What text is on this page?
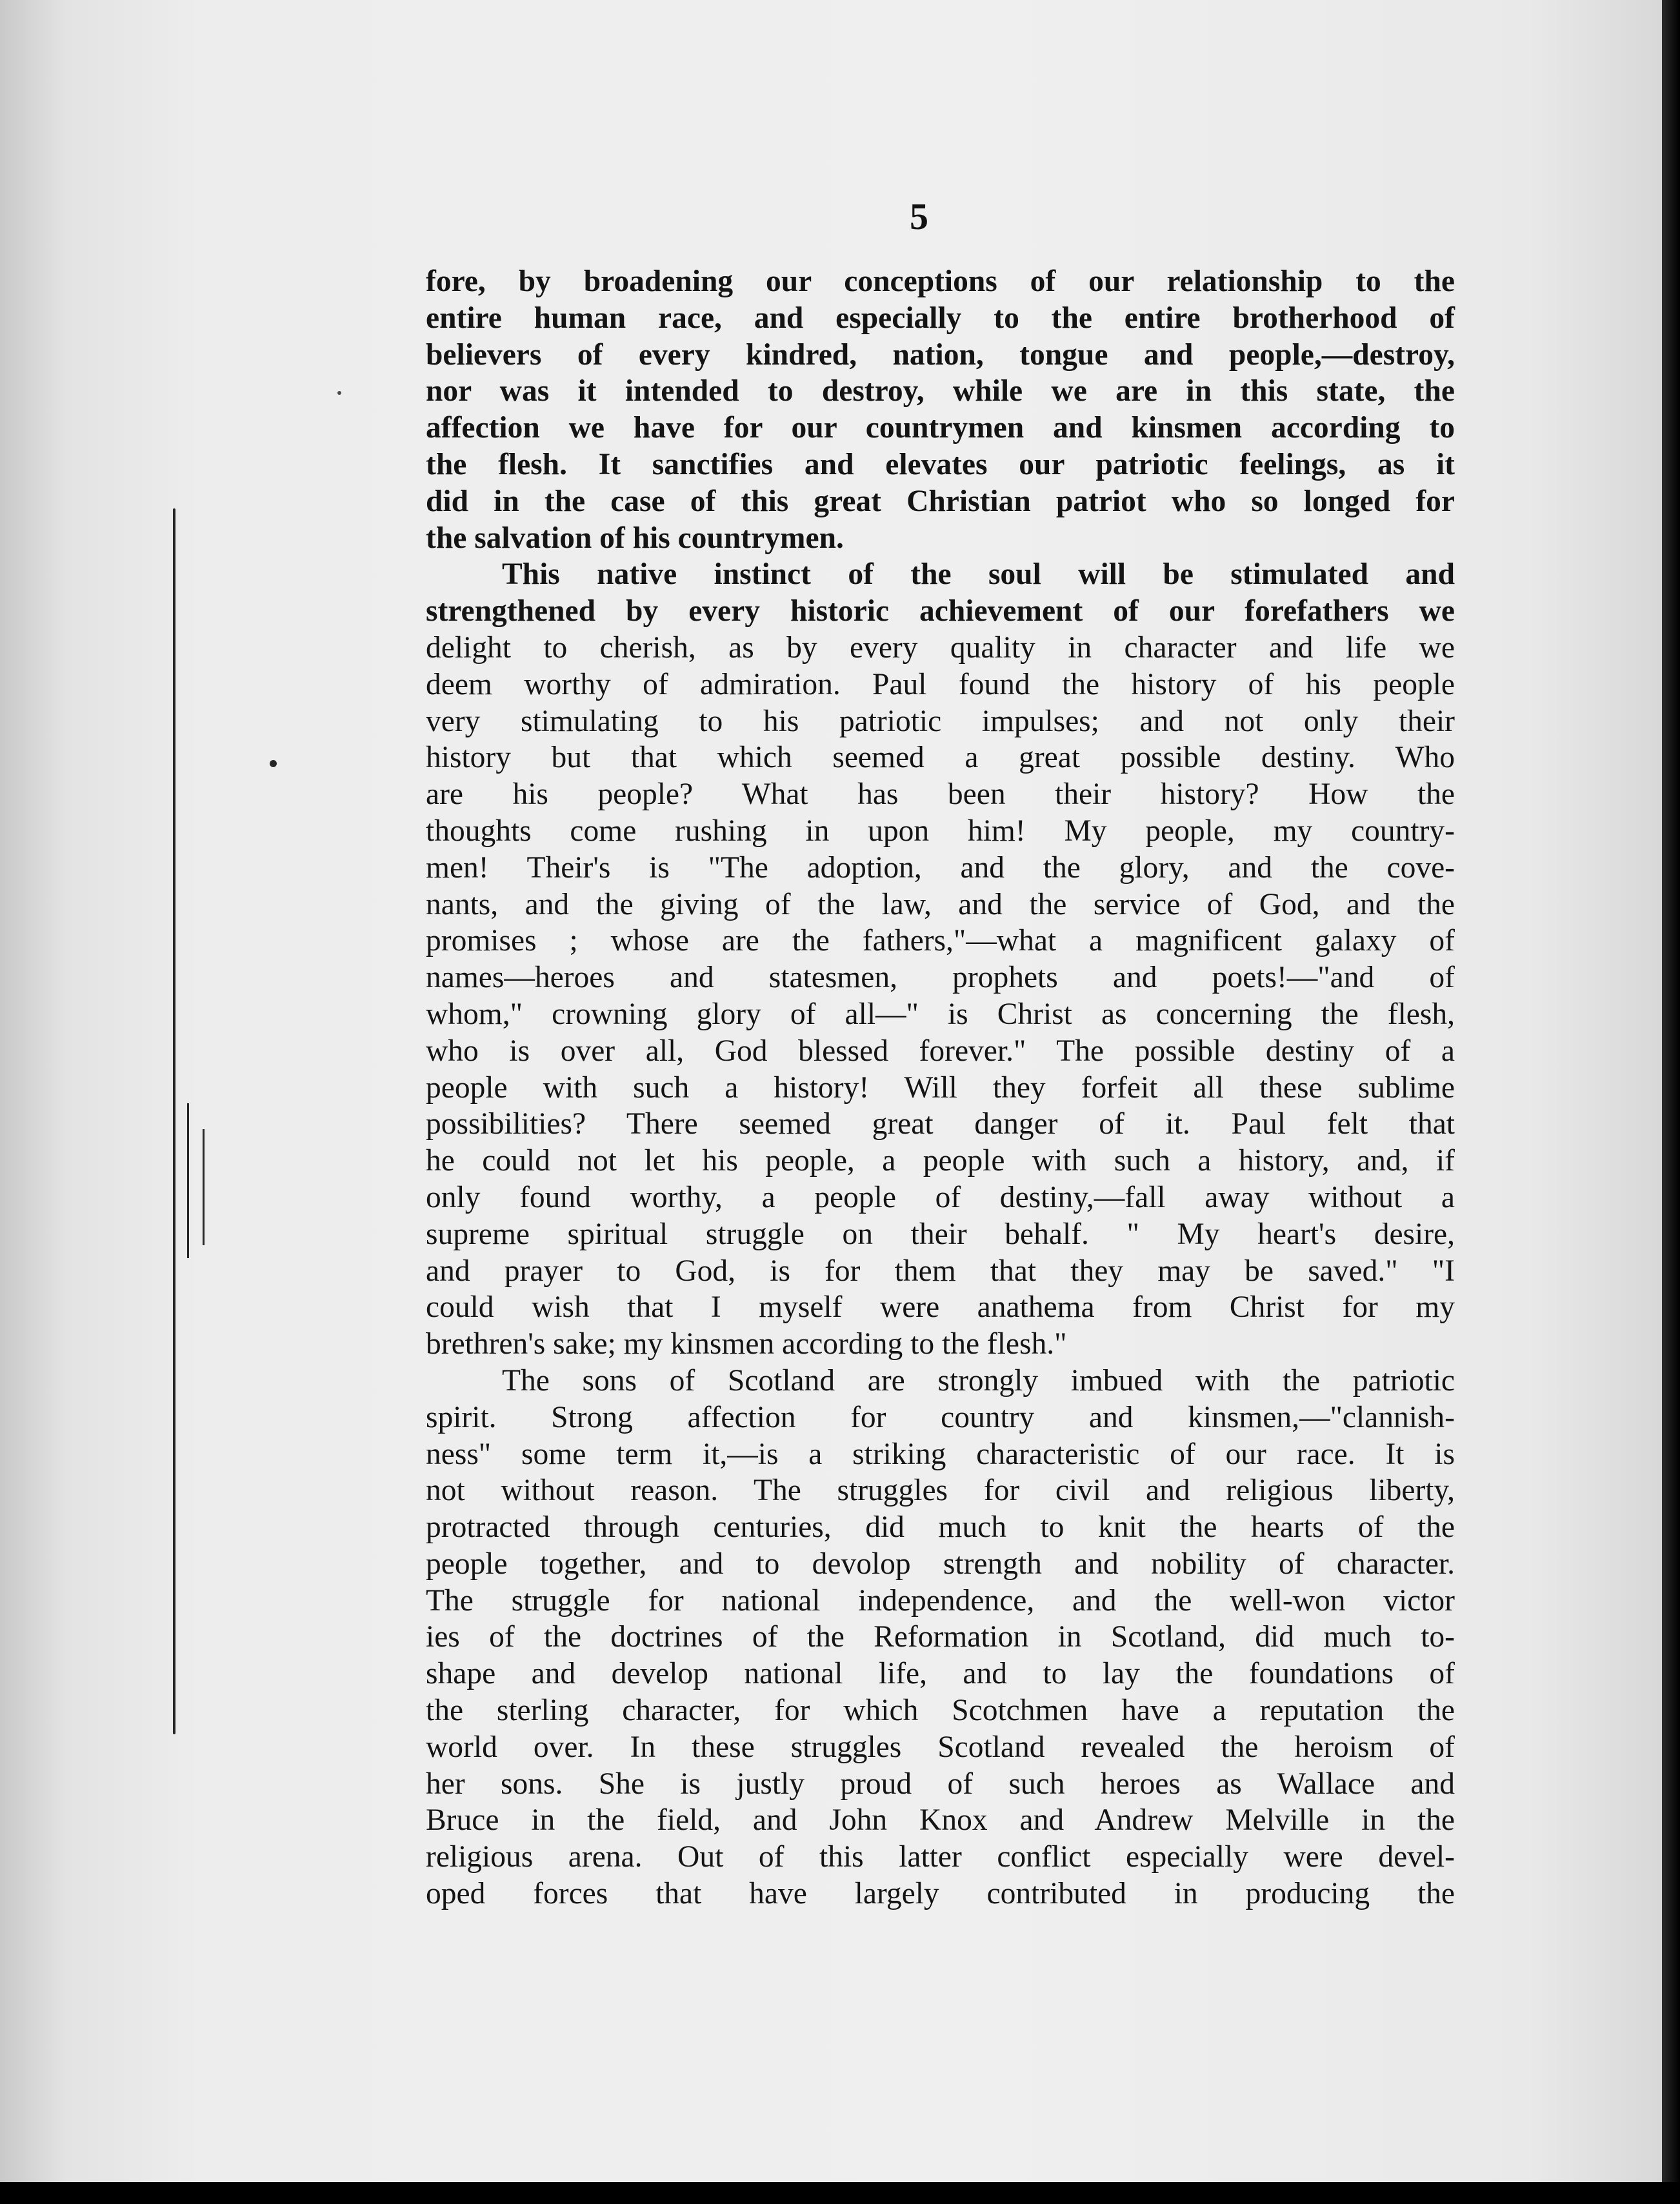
5
fore, by broadening our conceptions of our relationship to the
entire human race, and especially to the entire brotherhood of
believers of every kindred, nation, tongue and people,—destroy,
nor was it intended to destroy, while we are in this state, the
affection we have for our countrymen and kinsmen according to
the flesh. It sanctifies and elevates our patriotic feelings, as it
did in the case of this great Christian patriot who so longed for
the salvation of his countrymen.
This native instinct of the soul will be stimulated and
strengthened by every historic achievement of our forefathers we
delight to cherish, as by every quality in character and life we
deem worthy of admiration. Paul found the history of his people
very stimulating to his patriotic impulses; and not only their
history but that which seemed a great possible destiny. Who
are his people? What has been their history? How the
thoughts come rushing in upon him! My people, my country-
men! Their's is "The adoption, and the glory, and the cove-
nants, and the giving of the law, and the service of God, and the
promises ; whose are the fathers,"—what a magnificent galaxy of
names—heroes and statesmen, prophets and poets!—"and of
whom," crowning glory of all—" is Christ as concerning the flesh,
who is over all, God blessed forever." The possible destiny of a
people with such a history! Will they forfeit all these sublime
possibilities? There seemed great danger of it. Paul felt that
he could not let his people, a people with such a history, and, if
only found worthy, a people of destiny,—fall away without a
supreme spiritual struggle on their behalf. " My heart's desire,
and prayer to God, is for them that they may be saved." "I
could wish that I myself were anathema from Christ for my
brethren's sake; my kinsmen according to the flesh."
The sons of Scotland are strongly imbued with the patriotic
spirit. Strong affection for country and kinsmen,—"clannish-
ness" some term it,—is a striking characteristic of our race. It is
not without reason. The struggles for civil and religious liberty,
protracted through centuries, did much to knit the hearts of the
people together, and to devolop strength and nobility of character.
The struggle for national independence, and the well-won victor
ies of the doctrines of the Reformation in Scotland, did much to-
shape and develop national life, and to lay the foundations of
the sterling character, for which Scotchmen have a reputation the
world over. In these struggles Scotland revealed the heroism of
her sons. She is justly proud of such heroes as Wallace and
Bruce in the field, and John Knox and Andrew Melville in the
religious arena. Out of this latter conflict especially were devel-
oped forces that have largely contributed in producing the
